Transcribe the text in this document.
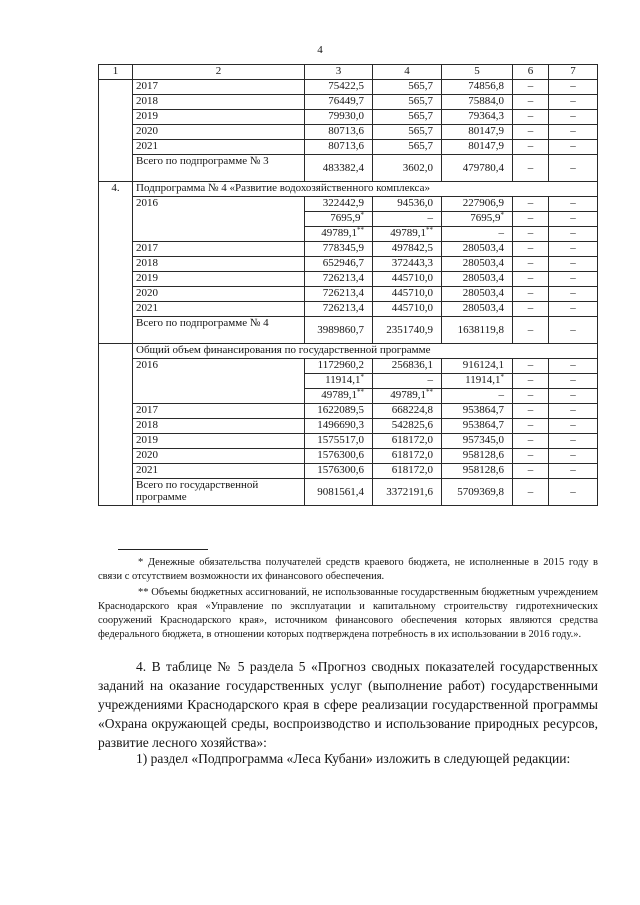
4
1	2	3	4	5	6	7
	2017	75422,5	565,7	74856,8	–	–
	2018	76449,7	565,7	75884,0	–	–
	2019	79930,0	565,7	79364,3	–	–
	2020	80713,6	565,7	80147,9	–	–
	2021	80713,6	565,7	80147,9	–	–
	Всего по подпрограмме № 3	483382,4	3602,0	479780,4	–	–
4.	Подпрограмма № 4 «Развитие водохозяйственного комплекса»					
	2016	322442,9	94536,0	227906,9	–	–
		7695,9*	–	7695,9*	–	–
		49789,1**	49789,1**	–	–	–
	2017	778345,9	497842,5	280503,4	–	–
	2018	652946,7	372443,3	280503,4	–	–
	2019	726213,4	445710,0	280503,4	–	–
	2020	726213,4	445710,0	280503,4	–	–
	2021	726213,4	445710,0	280503,4	–	–
	Всего по подпрограмме № 4	3989860,7	2351740,9	1638119,8	–	–
	Общий объем финансирования по государственной программе					
	2016	1172960,2	256836,1	916124,1	–	–
		11914,1*	–	11914,1*	–	–
		49789,1**	49789,1**	–	–	–
	2017	1622089,5	668224,8	953864,7	–	–
	2018	1496690,3	542825,6	953864,7	–	–
	2019	1575517,0	618172,0	957345,0	–	–
	2020	1576300,6	618172,0	958128,6	–	–
	2021	1576300,6	618172,0	958128,6	–	–
	Всего по государственной программе	9081561,4	3372191,6	5709369,8	–	–
* Денежные обязательства получателей средств краевого бюджета, не исполненные в 2015 году в связи с отсутствием возможности их финансового обеспечения.
** Объемы бюджетных ассигнований, не использованные государственным бюджетным учреждением Краснодарского края «Управление по эксплуатации и капитальному строительству гидротехнических сооружений Краснодарского края», источником финансового обеспечения которых являются средства федерального бюджета, в отношении которых подтверждена потребность в их использовании в 2016 году.».
4. В таблице № 5 раздела 5 «Прогноз сводных показателей государственных заданий на оказание государственных услуг (выполнение работ) государственными учреждениями Краснодарского края в сфере реализации государственной программы «Охрана окружающей среды, воспроизводство и использование природных ресурсов, развитие лесного хозяйства»:
1) раздел «Подпрограмма «Леса Кубани» изложить в следующей редакции:
